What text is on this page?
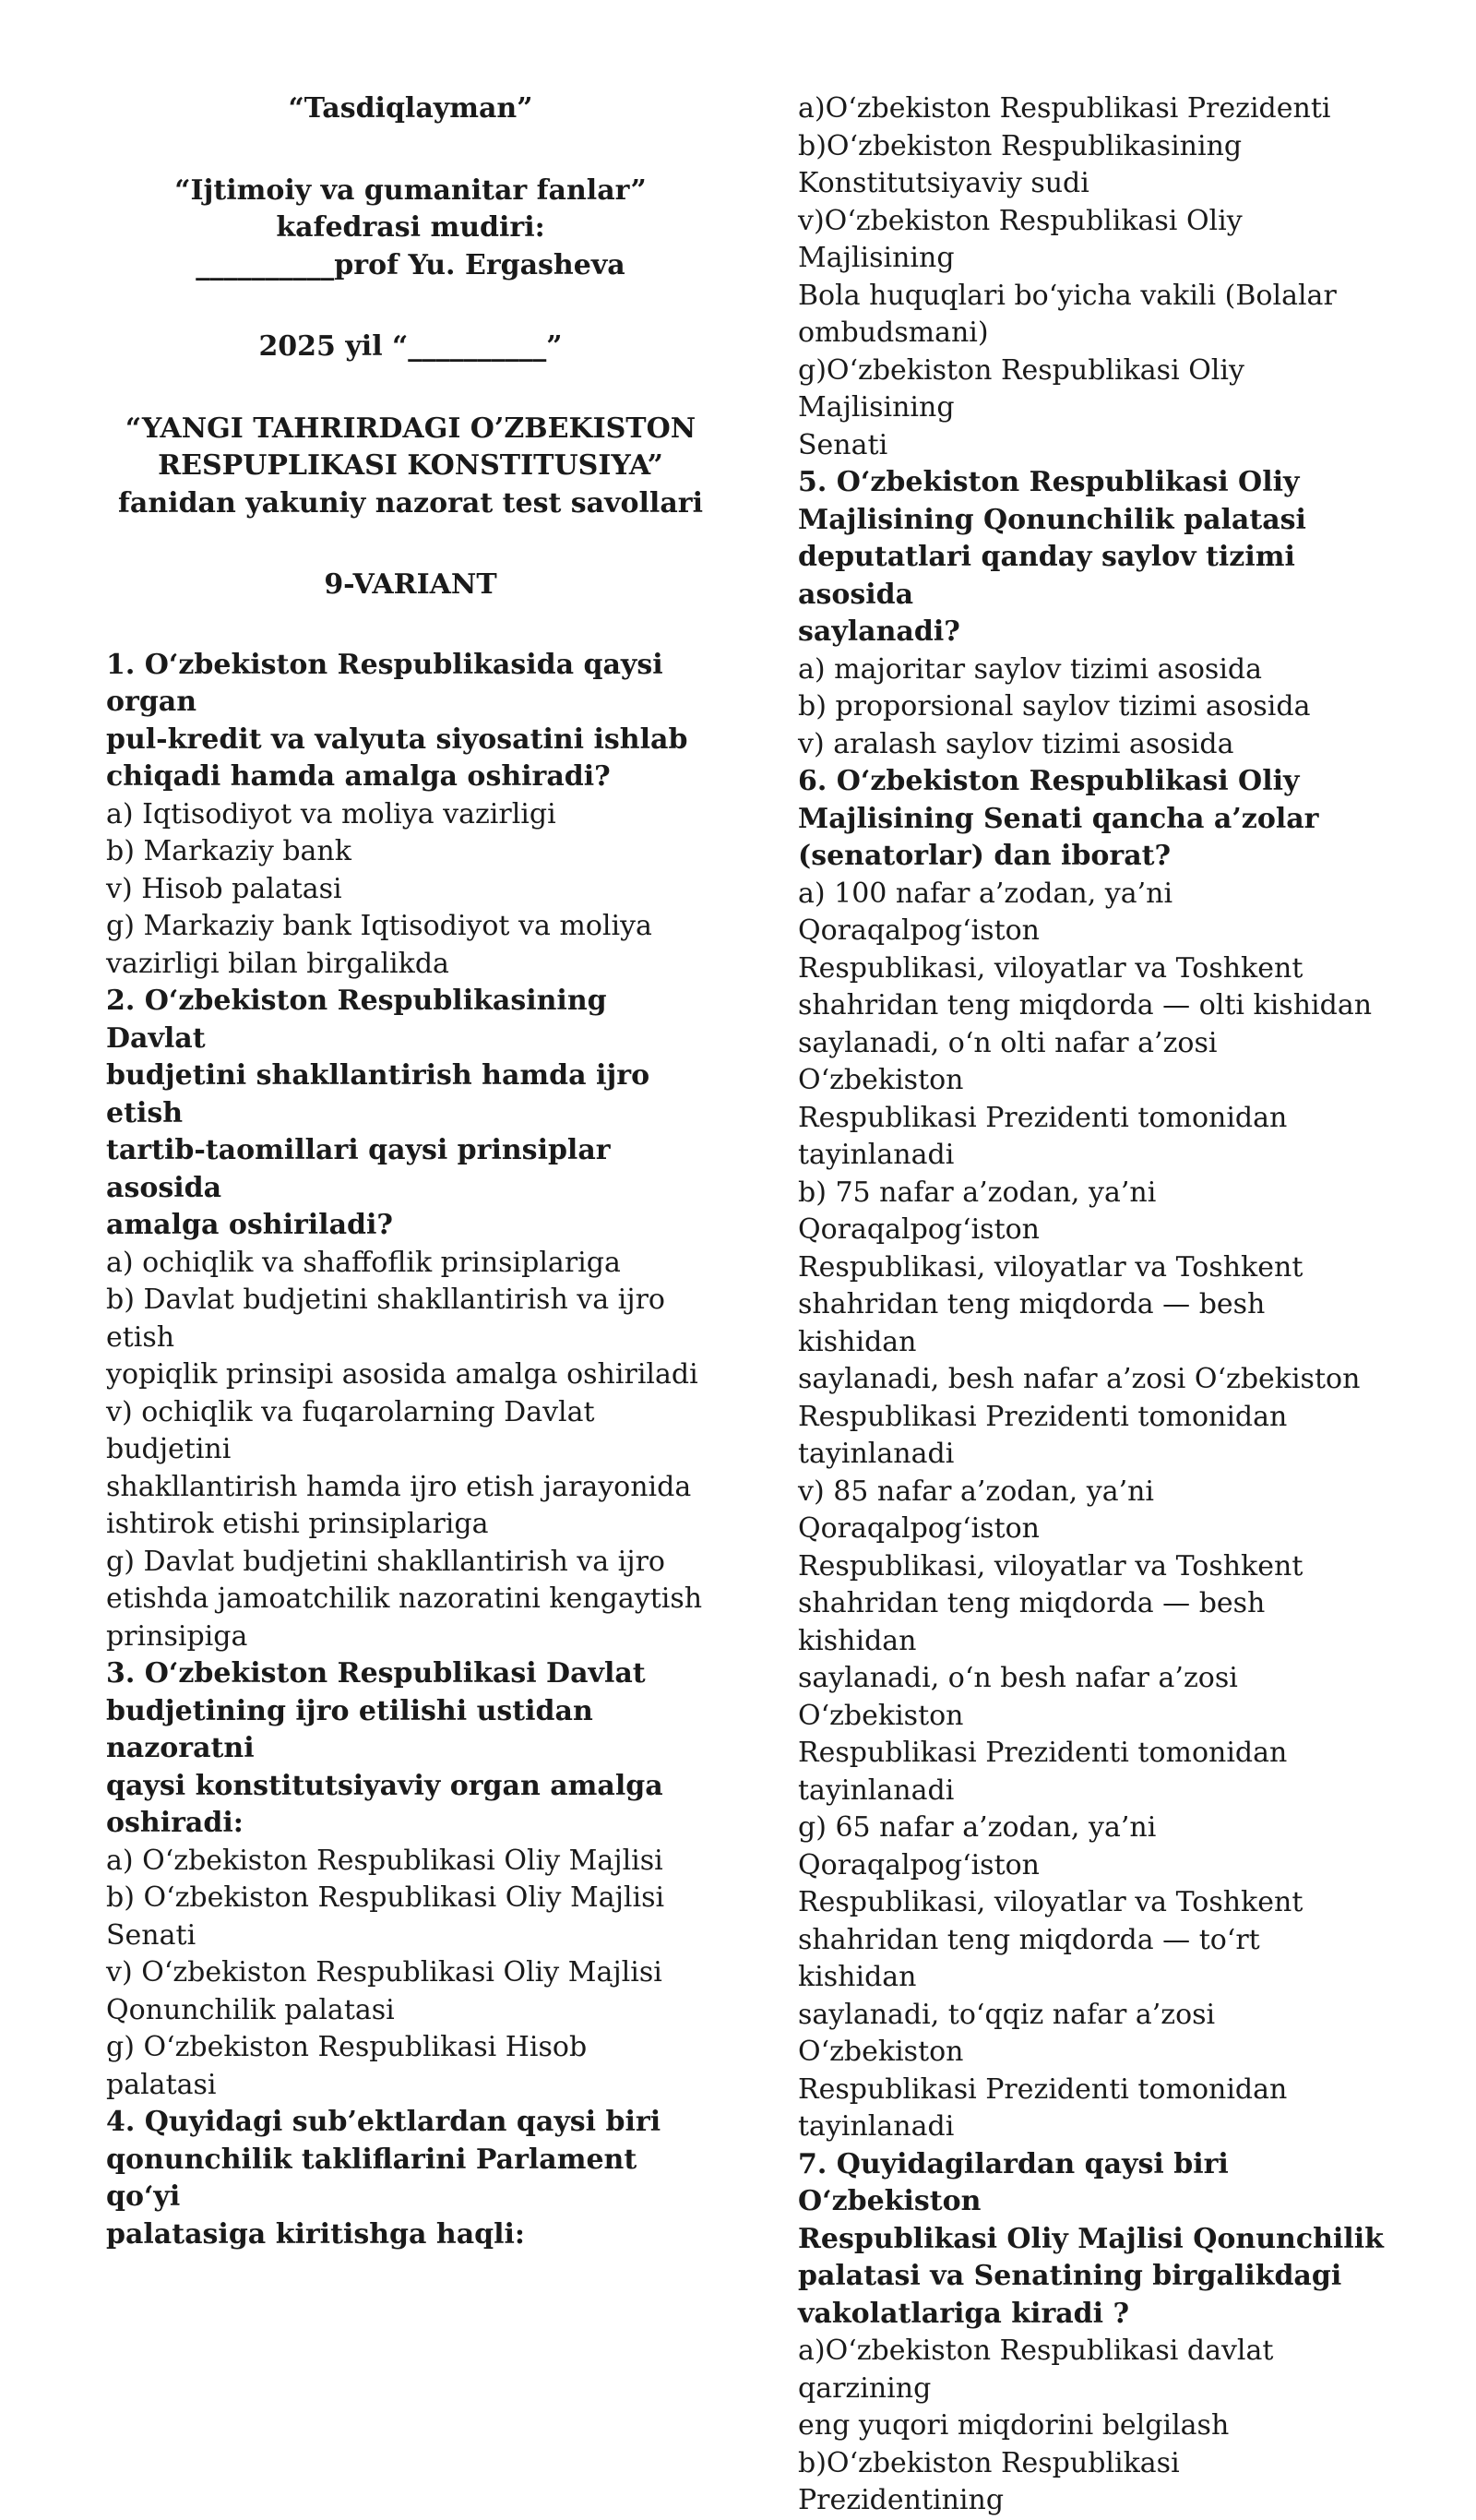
“Tasdiqlayman”
“Ijtimoiy va gumanitar fanlar”
kafedrasi mudiri:
__________prof Yu. Ergasheva
2025 yil “__________”
“YANGI TAHRIRDAGI O’ZBEKISTON
RESPUPLIKASI KONSTITUSIYA”
fanidan yakuniy nazorat test savollari
9-VARIANT
1. O‘zbekiston Respublikasida qaysi organ
pul-kredit va valyuta siyosatini ishlab
chiqadi hamda amalga oshiradi?
a) Iqtisodiyot va moliya vazirligi
b) Markaziy bank
v) Hisob palatasi
g) Markaziy bank Iqtisodiyot va moliya
vazirligi bilan birgalikda
2. O‘zbekiston Respublikasining Davlat
budjetini shakllantirish hamda ijro etish
tartib-taomillari qaysi prinsiplar asosida
amalga oshiriladi?
a) ochiqlik va shaffoflik prinsiplariga
b) Davlat budjetini shakllantirish va ijro etish
yopiqlik prinsipi asosida amalga oshiriladi
v) ochiqlik va fuqarolarning Davlat budjetini
shakllantirish hamda ijro etish jarayonida
ishtirok etishi prinsiplariga
g) Davlat budjetini shakllantirish va ijro
etishda jamoatchilik nazoratini kengaytish
prinsipiga
3. O‘zbekiston Respublikasi Davlat
budjetining ijro etilishi ustidan nazoratni
qaysi konstitutsiyaviy organ amalga
oshiradi:
a) O‘zbekiston Respublikasi Oliy Majlisi
b) O‘zbekiston Respublikasi Oliy Majlisi
Senati
v) O‘zbekiston Respublikasi Oliy Majlisi
Qonunchilik palatasi
g) O‘zbekiston Respublikasi Hisob palatasi
4. Quyidagi sub’ektlardan qaysi biri
qonunchilik takliflarini Parlament qo‘yi
palatasiga kiritishga haqli:
a)O‘zbekiston Respublikasi Prezidenti
b)O‘zbekiston Respublikasining
Konstitutsiyaviy sudi
v)O‘zbekiston Respublikasi Oliy Majlisining
Bola huquqlari bo‘yicha vakili (Bolalar
ombudsmani)
g)O‘zbekiston Respublikasi Oliy Majlisining
Senati
5. O‘zbekiston Respublikasi Oliy
Majlisining Qonunchilik palatasi
deputatlari qanday saylov tizimi asosida
saylanadi?
a) majoritar saylov tizimi asosida
b) proporsional saylov tizimi asosida
v) aralash saylov tizimi asosida
6. O‘zbekiston Respublikasi Oliy
Majlisining Senati qancha a’zolar
(senatorlar) dan iborat?
a) 100 nafar a’zodan, ya’ni Qoraqalpog‘iston
Respublikasi, viloyatlar va Toshkent
shahridan teng miqdorda — olti kishidan
saylanadi, o‘n olti nafar a’zosi O‘zbekiston
Respublikasi Prezidenti tomonidan
tayinlanadi
b) 75 nafar a’zodan, ya’ni Qoraqalpog‘iston
Respublikasi, viloyatlar va Toshkent
shahridan teng miqdorda — besh kishidan
saylanadi, besh nafar a’zosi O‘zbekiston
Respublikasi Prezidenti tomonidan
tayinlanadi
v) 85 nafar a’zodan, ya’ni Qoraqalpog‘iston
Respublikasi, viloyatlar va Toshkent
shahridan teng miqdorda — besh kishidan
saylanadi, o‘n besh nafar a’zosi O‘zbekiston
Respublikasi Prezidenti tomonidan
tayinlanadi
g) 65 nafar a’zodan, ya’ni Qoraqalpog‘iston
Respublikasi, viloyatlar va Toshkent
shahridan teng miqdorda — to‘rt kishidan
saylanadi, to‘qqiz nafar a’zosi O‘zbekiston
Respublikasi Prezidenti tomonidan
tayinlanadi
7. Quyidagilardan qaysi biri O‘zbekiston
Respublikasi Oliy Majlisi Qonunchilik
palatasi va Senatining birgalikdagi
vakolatlariga kiradi ?
a)O‘zbekiston Respublikasi davlat qarzining
eng yuqori miqdorini belgilash
b)O‘zbekiston Respublikasi Prezidentining
